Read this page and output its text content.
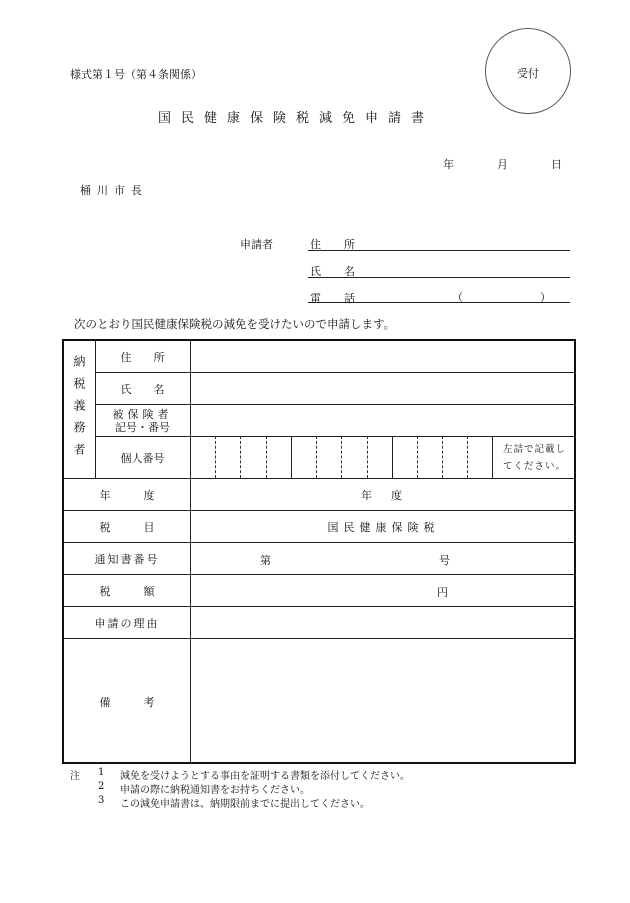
受付
様式第１号（第４条関係）
国民健康保険税減免申請書
年	月	日
桶川市長
申請者	住　所
氏　名
電　話	（	）
次のとおり国民健康保険税の減免を受けたいので申請します。
納税義務者	住　　所
氏　　名
被保険者
記号・番号
個人番号
左詰で記載し
てください。
年　　　度	年　度
税　　　目	国民健康保険税
通知書番号	第	号
税　　　額	円
申請の理由
備　　　考
注 1 減免を受けようとする事由を証明する書類を添付してください。
2 申請の際に納税通知書をお持ちください。
3 この減免申請書は、納期限前までに提出してください。
